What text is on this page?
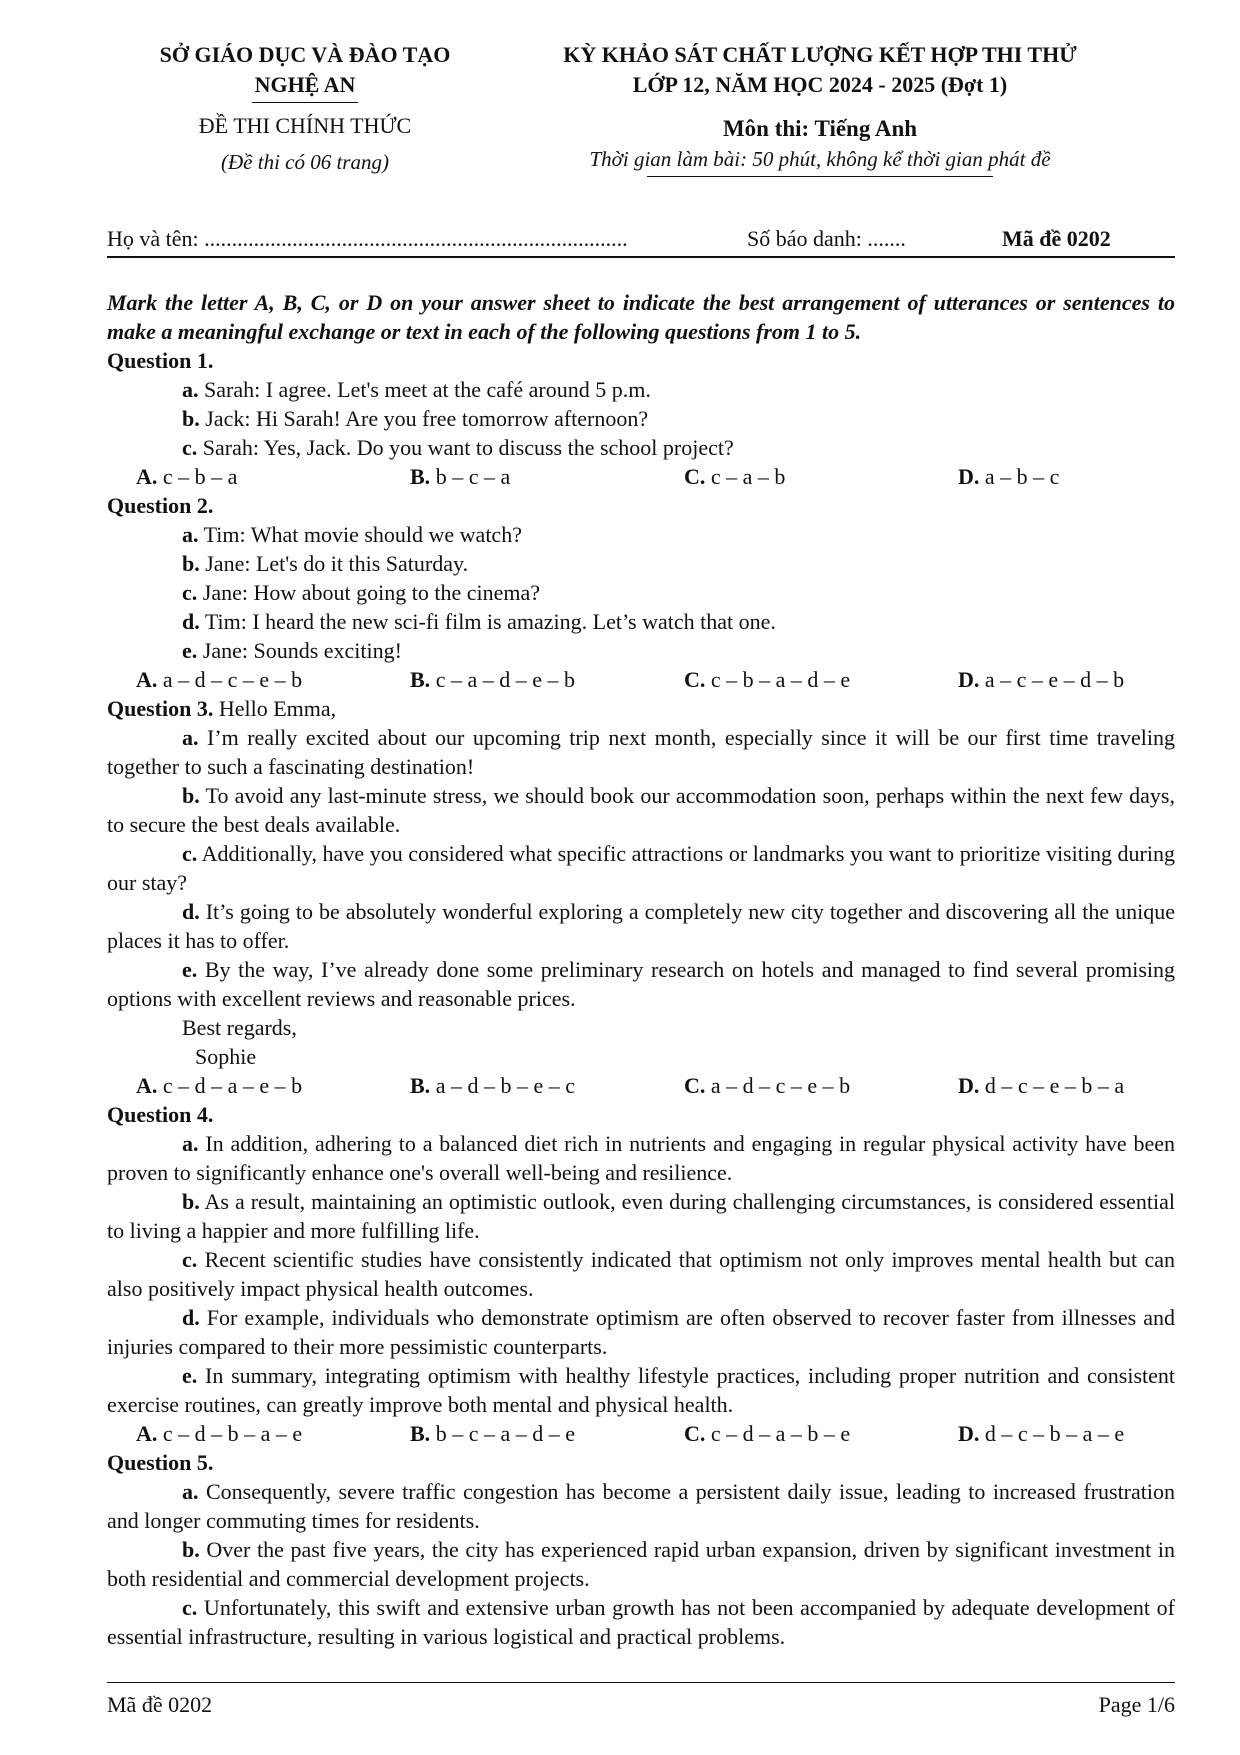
SỞ GIÁO DỤC VÀ ĐÀO TẠO
NGHỆ AN
ĐỀ THI CHÍNH THỨC
(Đề thi có 06 trang)
KỲ KHẢO SÁT CHẤT LƯỢNG KẾT HỢP THI THỬ
LỚP 12, NĂM HỌC 2024 - 2025 (Đợt 1)
Môn thi: Tiếng Anh
Thời gian làm bài: 50 phút, không kể thời gian phát đề
Họ và tên: .............................................................................	Số báo danh: .......	Mã đề 0202
Mark the letter A, B, C, or D on your answer sheet to indicate the best arrangement of utterances or sentences to make a meaningful exchange or text in each of the following questions from 1 to 5.
Question 1.
a. Sarah: I agree. Let's meet at the café around 5 p.m.
b. Jack: Hi Sarah! Are you free tomorrow afternoon?
c. Sarah: Yes, Jack. Do you want to discuss the school project?
A. c – b – a	B. b – c – a	C. c – a – b	D. a – b – c
Question 2.
a. Tim: What movie should we watch?
b. Jane: Let's do it this Saturday.
c. Jane: How about going to the cinema?
d. Tim: I heard the new sci-fi film is amazing. Let’s watch that one.
e. Jane: Sounds exciting!
A. a – d – c – e – b	B. c – a – d – e – b	C. c – b – a – d – e	D. a – c – e – d – b
Question 3. Hello Emma,
a. I’m really excited about our upcoming trip next month, especially since it will be our first time traveling together to such a fascinating destination!
b. To avoid any last-minute stress, we should book our accommodation soon, perhaps within the next few days, to secure the best deals available.
c. Additionally, have you considered what specific attractions or landmarks you want to prioritize visiting during our stay?
d. It’s going to be absolutely wonderful exploring a completely new city together and discovering all the unique places it has to offer.
e. By the way, I’ve already done some preliminary research on hotels and managed to find several promising options with excellent reviews and reasonable prices.
Best regards,
Sophie
A. c – d – a – e – b	B. a – d – b – e – c	C. a – d – c – e – b	D. d – c – e – b – a
Question 4.
a. In addition, adhering to a balanced diet rich in nutrients and engaging in regular physical activity have been proven to significantly enhance one's overall well-being and resilience.
b. As a result, maintaining an optimistic outlook, even during challenging circumstances, is considered essential to living a happier and more fulfilling life.
c. Recent scientific studies have consistently indicated that optimism not only improves mental health but can also positively impact physical health outcomes.
d. For example, individuals who demonstrate optimism are often observed to recover faster from illnesses and injuries compared to their more pessimistic counterparts.
e. In summary, integrating optimism with healthy lifestyle practices, including proper nutrition and consistent exercise routines, can greatly improve both mental and physical health.
A. c – d – b – a – e	B. b – c – a – d – e	C. c – d – a – b – e	D. d – c – b – a – e
Question 5.
a. Consequently, severe traffic congestion has become a persistent daily issue, leading to increased frustration and longer commuting times for residents.
b. Over the past five years, the city has experienced rapid urban expansion, driven by significant investment in both residential and commercial development projects.
c. Unfortunately, this swift and extensive urban growth has not been accompanied by adequate development of essential infrastructure, resulting in various logistical and practical problems.
Mã đề 0202	Page 1/6
